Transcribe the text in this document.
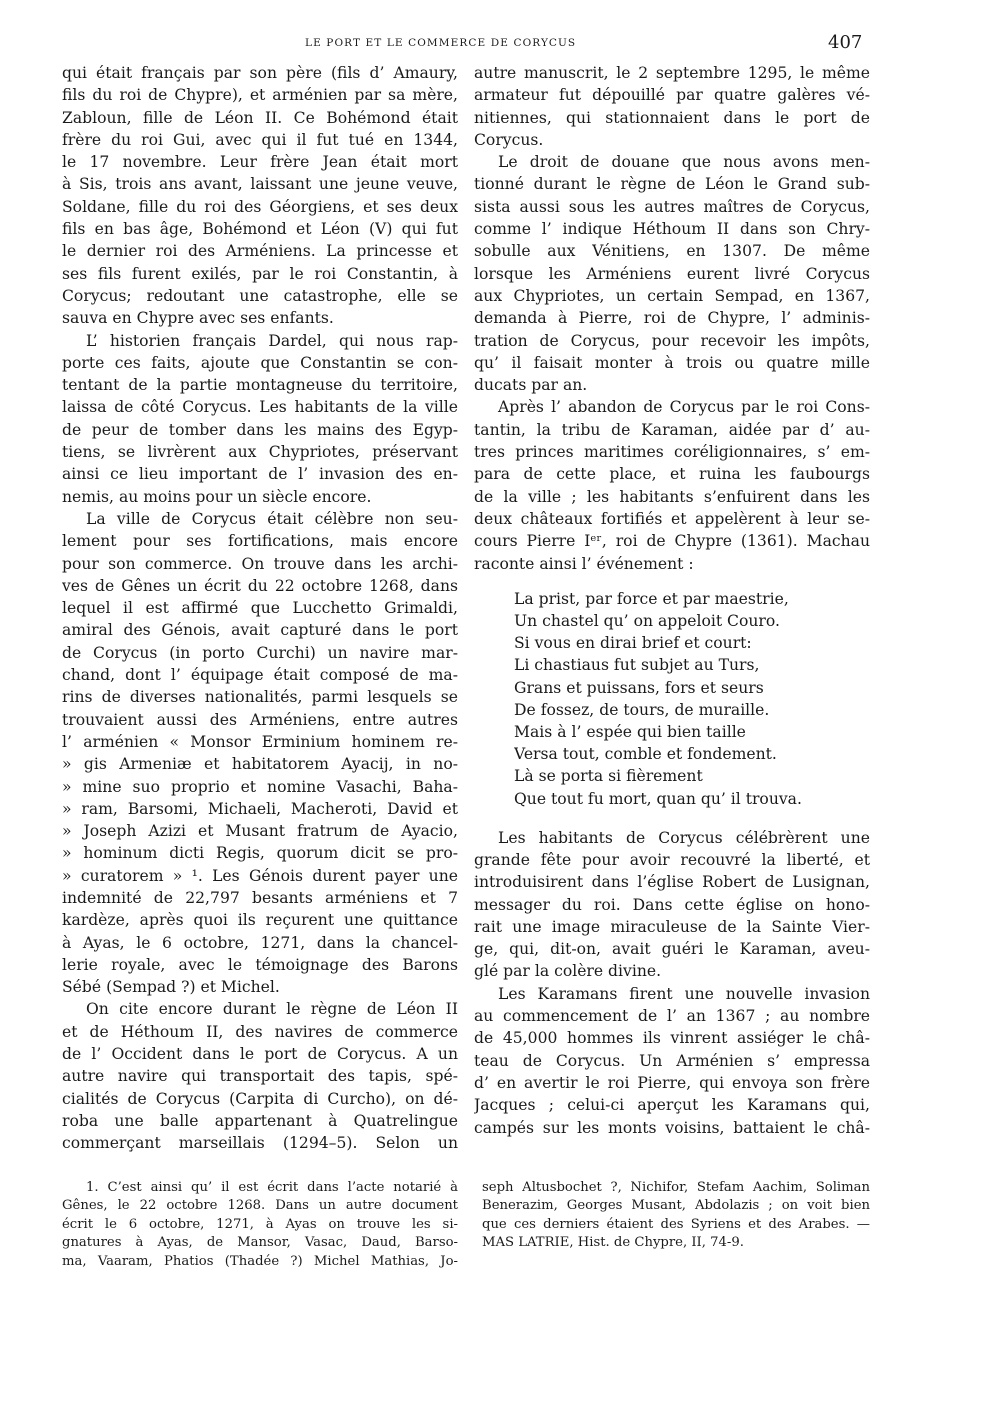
LE PORT ET LE COMMERCE DE CORYCUS	407
qui était français par son père (fils d’ Amaury,
fils du roi de Chypre), et arménien par sa mère,
Zabloun, fille de Léon II. Ce Bohémond était
frère du roi Gui, avec qui il fut tué en 1344,
le 17 novembre. Leur frère Jean était mort
à Sis, trois ans avant, laissant une jeune veuve,
Soldane, fille du roi des Géorgiens, et ses deux
fils en bas âge, Bohémond et Léon (V) qui fut
le dernier roi des Arméniens. La princesse et
ses fils furent exilés, par le roi Constantin, à
Corycus; redoutant une catastrophe, elle se
sauva en Chypre avec ses enfants.
L’ historien français Dardel, qui nous rap-
porte ces faits, ajoute que Constantin se con-
tentant de la partie montagneuse du territoire,
laissa de côté Corycus. Les habitants de la ville
de peur de tomber dans les mains des Egyp-
tiens, se livrèrent aux Chypriotes, préservant
ainsi ce lieu important de l’ invasion des en-
nemis, au moins pour un siècle encore.
La ville de Corycus était célèbre non seu-
lement pour ses fortifications, mais encore
pour son commerce. On trouve dans les archi-
ves de Gênes un écrit du 22 octobre 1268, dans
lequel il est affirmé que Lucchetto Grimaldi,
amiral des Génois, avait capturé dans le port
de Corycus (in porto Curchi) un navire mar-
chand, dont l’ équipage était composé de ma-
rins de diverses nationalités, parmi lesquels se
trouvaient aussi des Arméniens, entre autres
l’ arménien « Monsor Erminium hominem re-
» gis Armeniæ et habitatorem Ayacij, in no-
» mine suo proprio et nomine Vasachi, Baha-
» ram, Barsomi, Michaeli, Macheroti, David et
» Joseph Azizi et Musant fratrum de Ayacio,
» hominum dicti Regis, quorum dicit se pro-
» curatorem » ¹. Les Génois durent payer une
indemnité de 22,797 besants arméniens et 7
kardèze, après quoi ils reçurent une quittance
à Ayas, le 6 octobre, 1271, dans la chancel-
lerie royale, avec le témoignage des Barons
Sébé (Sempad ?) et Michel.
On cite encore durant le règne de Léon II
et de Héthoum II, des navires de commerce
de l’ Occident dans le port de Corycus. A un
autre navire qui transportait des tapis, spé-
cialités de Corycus (Carpita di Curcho), on dé-
roba une balle appartenant à Quatrelingue
commerçant marseillais (1294–5). Selon un
autre manuscrit, le 2 septembre 1295, le même
armateur fut dépouillé par quatre galères vé-
nitiennes, qui stationnaient dans le port de
Corycus.
Le droit de douane que nous avons men-
tionné durant le règne de Léon le Grand sub-
sista aussi sous les autres maîtres de Corycus,
comme l’ indique Héthoum II dans son Chry-
sobulle aux Vénitiens, en 1307. De même
lorsque les Arméniens eurent livré Corycus
aux Chypriotes, un certain Sempad, en 1367,
demanda à Pierre, roi de Chypre, l’ adminis-
tration de Corycus, pour recevoir les impôts,
qu’ il faisait monter à trois ou quatre mille
ducats par an.
Après l’ abandon de Corycus par le roi Cons-
tantin, la tribu de Karaman, aidée par d’ au-
tres princes maritimes coréligionnaires, s’ em-
para de cette place, et ruina les faubourgs
de la ville ; les habitants s’enfuirent dans les
deux châteaux fortifiés et appelèrent à leur se-
cours Pierre Iᵉʳ, roi de Chypre (1361). Machau
raconte ainsi l’ événement :
La prist, par force et par maestrie,
Un chastel qu’ on appeloit Couro.
Si vous en dirai brief et court:
Li chastiaus fut subjet au Turs,
Grans et puissans, fors et seurs
De fossez, de tours, de muraille.
Mais à l’ espée qui bien taille
Versa tout, comble et fondement.
Là se porta si fièrement
Que tout fu mort, quan qu’ il trouva.
Les habitants de Corycus célébrèrent une
grande fête pour avoir recouvré la liberté, et
introduisirent dans l’église Robert de Lusignan,
messager du roi. Dans cette église on hono-
rait une image miraculeuse de la Sainte Vier-
ge, qui, dit-on, avait guéri le Karaman, aveu-
glé par la colère divine.
Les Karamans firent une nouvelle invasion
au commencement de l’ an 1367 ; au nombre
de 45,000 hommes ils vinrent assiéger le châ-
teau de Corycus. Un Arménien s’ empressa
d’ en avertir le roi Pierre, qui envoya son frère
Jacques ; celui-ci aperçut les Karamans qui,
campés sur les monts voisins, battaient le châ-
1. C’est ainsi qu’ il est écrit dans l’acte notarié à
Gênes, le 22 octobre 1268. Dans un autre document
écrit le 6 octobre, 1271, à Ayas on trouve les si-
gnatures à Ayas, de Mansor, Vasac, Daud, Barso-
ma, Vaaram, Phatios (Thadée ?) Michel Mathias, Jo-
seph Altusbochet ?, Nichifor, Stefam Aachim, Soliman
Benerazim, Georges Musant, Abdolazis ; on voit bien
que ces derniers étaient des Syriens et des Arabes. —
MAS LATRIE, Hist. de Chypre, II, 74-9.
